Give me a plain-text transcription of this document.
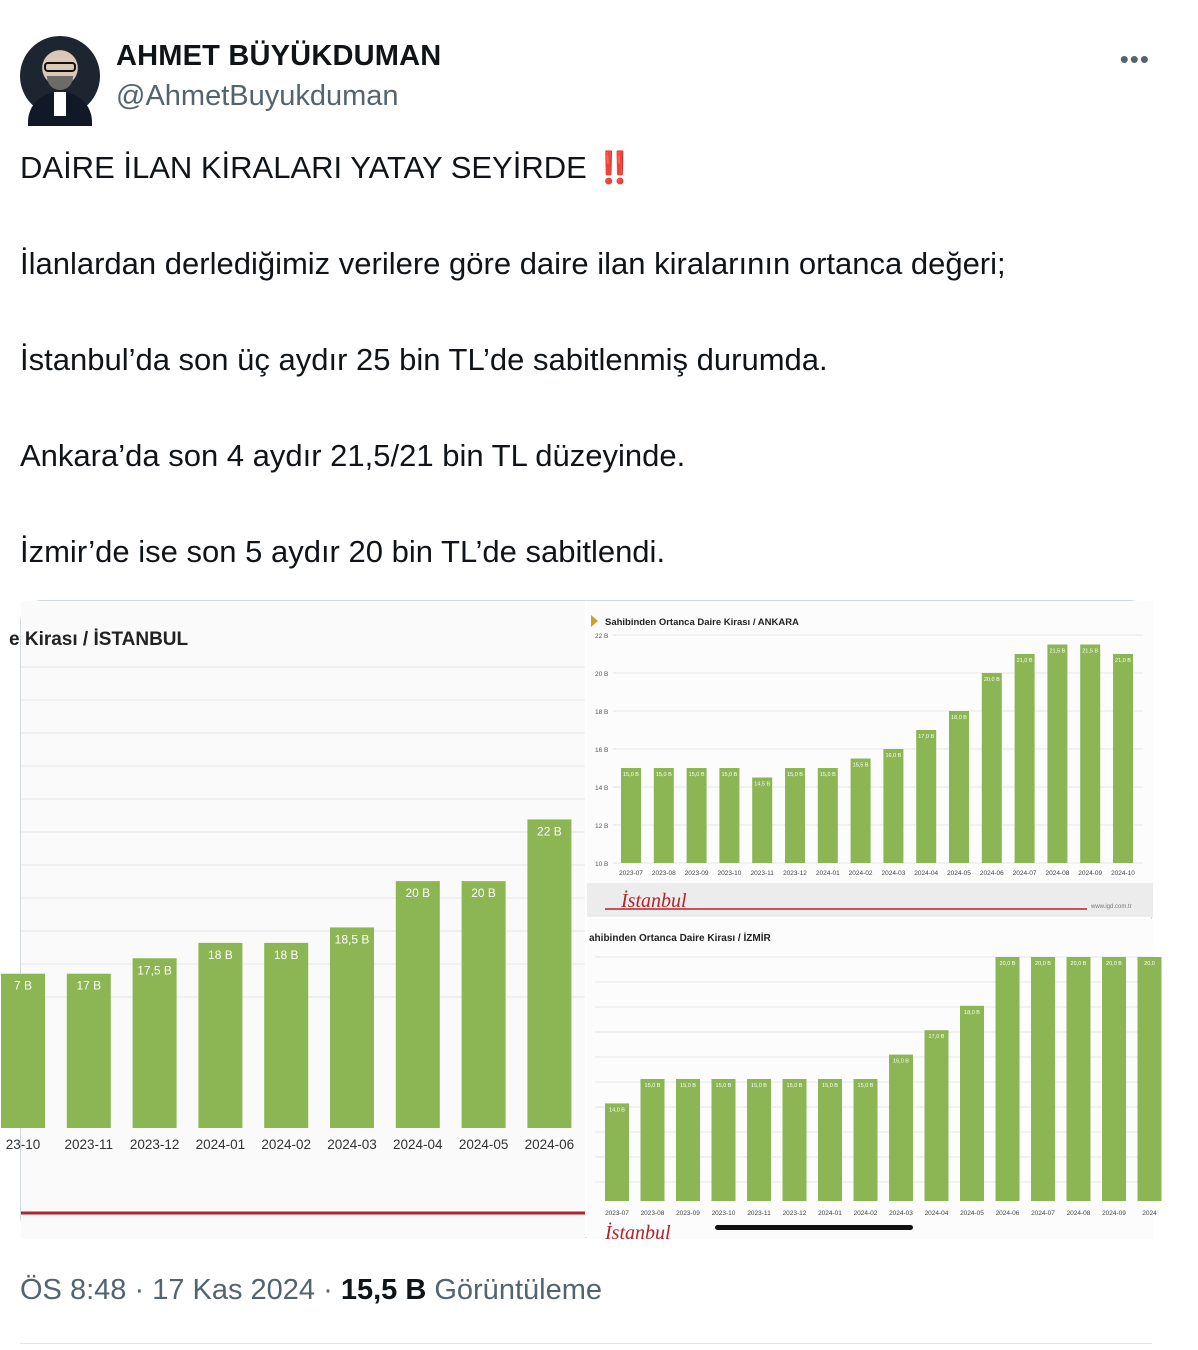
AHMET BÜYÜKDUMAN
@AhmetBuyukduman
•••

DAİRE İLAN KİRALARI YATAY SEYİRDE ‼️

İlanlardan derlediğimiz verilere göre daire ilan kiralarının ortanca değeri;

İstanbul’da son üç aydır 25 bin TL’de sabitlenmiş durumda.

Ankara’da son 4 aydır 21,5/21 bin TL düzeyinde.

İzmir’de ise son 5 aydır 20 bin TL’de sabitlendi.

e Kirası / İSTANBUL
7 B
23-10
17 B
2023-11
17,5 B
2023-12
18 B
2024-01
18 B
2024-02
18,5 B
2024-03
20 B
2024-04
20 B
2024-05
22 B
2024-06
Sahibinden Ortanca Daire Kirası / ANKARA
10 B
12 B
14 B
16 B
18 B
20 B
22 B
15,0 B
2023-07
15,0 B
2023-08
15,0 B
2023-09
15,0 B
2023-10
14,5 B
2023-11
15,0 B
2023-12
15,0 B
2024-01
15,5 B
2024-02
16,0 B
2024-03
17,0 B
2024-04
18,0 B
2024-05
20,0 B
2024-06
21,0 B
2024-07
21,5 B
2024-08
21,5 B
2024-09
21,0 B
2024-10
İstanbul	www.igd.com.tr
ahibinden Ortanca Daire Kirası / İZMİR
14,0 B
2023-07
15,0 B
2023-08
15,0 B
2023-09
15,0 B
2023-10
15,0 B
2023-11
15,0 B
2023-12
15,0 B
2024-01
15,0 B
2024-02
16,0 B
2024-03
17,0 B
2024-04
18,0 B
2024-05
20,0 B
2024-06
20,0 B
2024-07
20,0 B
2024-08
20,0 B
2024-09
20,0
2024
İstanbul
ÖS 8:48 · 17 Kas 2024 · 15,5 B Görüntüleme
